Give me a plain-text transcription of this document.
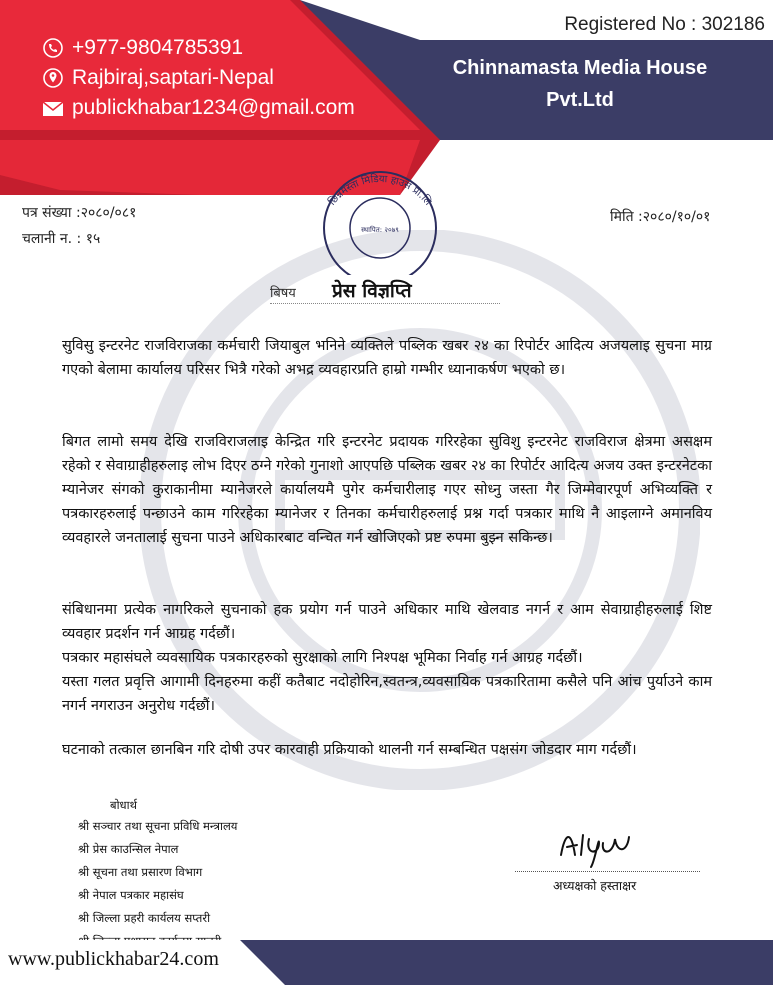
+977-9804785391
Rajbiraj,saptari-Nepal
publickhabar1234@gmail.com
Registered No : 302186
Chinnamasta Media House
Pvt.Ltd
पत्र संख्या :२०८०/०८१
चलानी न. : १५
मिति :२०८०/१०/०१
छिन्नमस्ता मिडिया हाउस प्रा.लि
स्थापित: २०७९
बिषय प्रेस विज्ञप्ति
सुविसु इन्टरनेट राजविराजका कर्मचारी जियाबुल भनिने व्यक्तिले पब्लिक खबर २४ का रिपोर्टर आदित्य अजयलाइ सुचना माग्र गएको बेलामा कार्यालय परिसर भित्रै गरेको अभद्र व्यवहारप्रति हाम्रो गम्भीर ध्यानाकर्षण भएको छ।
बिगत लामो समय देखि राजविराजलाइ केन्द्रित गरि इन्टरनेट प्रदायक गरिरहेका सुविशु इन्टरनेट राजविराज क्षेत्रमा असक्षम रहेको र सेवाग्राहीहरुलाइ लोभ दिएर ठग्ने गरेको गुनाशो आएपछि पब्लिक खबर २४ का रिपोर्टर आदित्य अजय उक्त इन्टरनेटका म्यानेजर संगको कुराकानीमा म्यानेजरले कार्यालयमै पुगेर कर्मचारीलाइ गएर सोध्नु जस्ता गैर जिम्मेवारपूर्ण अभिव्यक्ति र पत्रकारहरुलाई पन्छाउने काम गरिरहेका म्यानेजर र तिनका कर्मचारीहरुलाई प्रश्न गर्दा पत्रकार माथि नै आइलाग्ने अमानविय व्यवहारले जनतालाई सुचना पाउने अधिकारबाट वन्चित गर्न खोजिएको प्रष्ट रुपमा बुझ्न सकिन्छ।
संबिधानमा प्रत्येक नागरिकले सुचनाको हक प्रयोग गर्न पाउने अधिकार माथि खेलवाड नगर्न र आम सेवाग्राहीहरुलाई शिष्ट व्यवहार प्रदर्शन गर्न आग्रह गर्दछौं।
पत्रकार महासंघले व्यवसायिक पत्रकारहरुको सुरक्षाको लागि निश्पक्ष भूमिका निर्वाह गर्न आग्रह गर्दछौं।
यस्ता गलत प्रवृत्ति आगामी दिनहरुमा कहीं कतैबाट नदोहोरिन,स्वतन्त्र,व्यवसायिक पत्रकारितामा कसैले पनि आंच पुर्याउने काम नगर्न नगराउन अनुरोध गर्दछौं।
घटनाको तत्काल छानबिन गरि दोषी उपर कारवाही प्रक्रियाको थालनी गर्न सम्बन्धित पक्षसंग जोडदार माग गर्दछौं।
बोधार्थ
श्री सञ्चार तथा सूचना प्रविधि मन्त्रालय
श्री प्रेस काउन्सिल नेपाल
श्री सूचना तथा प्रसारण विभाग
श्री नेपाल पत्रकार महासंघ
श्री जिल्ला प्रहरी कार्यलय सप्तरी
अध्यक्षको हस्ताक्षर
www.publickhabar24.com
